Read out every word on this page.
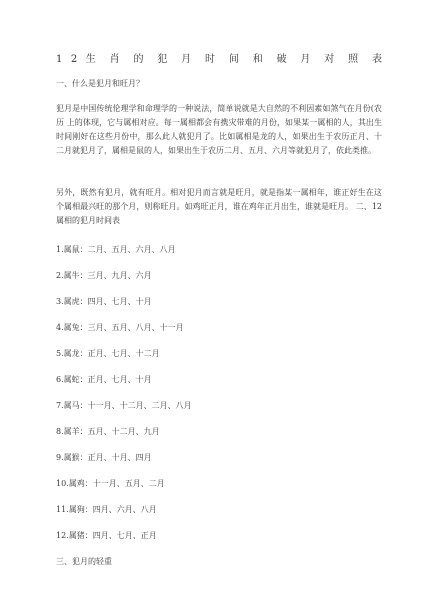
1 2 生 肖 的 犯 月 时 间 和 破 月 对 照 表
一、什么是犯月和旺月？
犯月是中国传统伦理学和命理学的一种说法，简单说就是大自然的不利因素如煞气在月份(农历 上的体现，它与属相对应。每一属相都会有携灾带难的月份，如果某一属相的人，其出生时间刚好在这些月份中，那么此人就犯月了。比如属相是龙的人，如果出生于农历正月、十二月就犯月了，属相是鼠的人，如果出生于农历二月、五月、六月等就犯月了，依此类推。
另外，既然有犯月，就有旺月。相对犯月而言就是旺月，就是指某一属相年，谁正好生在这个属相最兴旺的那个月，则称旺月。如鸡旺正月，谁在鸡年正月出生，谁就是旺月。 二、12属相的犯月时间表
1.属鼠：二月、五月、六月、八月
2.属牛：三月、九月、六月
3.属虎：四月、七月、十月
4.属兔：三月、五月、八月、十一月
5.属龙：正月、七月、十二月
6.属蛇：正月、七月、十月
7.属马：十一月、十二月、二月、八月
8.属羊：五月、十二月、九月
9.属猴：正月、十月、四月
10.属鸡：十一月、五月、二月
11.属狗：四月、六月、八月
12.属猪：四月、七月、正月
三、犯月的轻重
